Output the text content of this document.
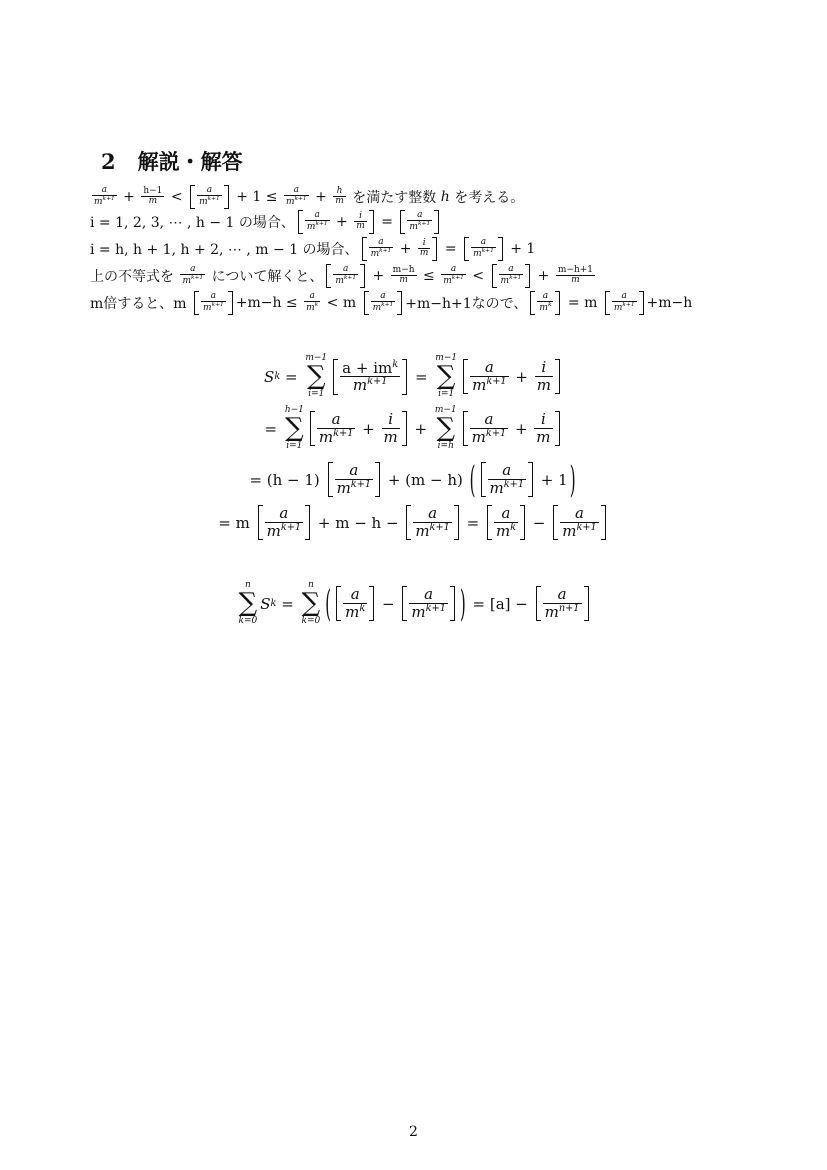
2 解説・解答
$\frac{a}{m^{k+1}} + \frac{h-1}{m} < \frac{a}{m^{k+1}} + 1 \le \frac{a}{m^{k+1}} + \frac{h}{m}$ を満たす整数 h を考える。
i = 1, 2, 3, ⋯ , h − 1 の場合、 $\frac{a}{m^{k+1}} + \frac{i}{m} = \frac{a}{m^{k+1}}$
i = h, h + 1, h + 2, ⋯ , m − 1 の場合、 $\frac{a}{m^{k+1}} + \frac{i}{m} = \frac{a}{m^{k+1}} + 1$
上の不等式を $\frac{a}{m^{k+1}}$ について解くと、 $\frac{a}{m^{k+1}} + \frac{m-h}{m} \le \frac{a}{m^{k+1}} < \frac{a}{m^{k+1}} + \frac{m-h+1}{m}$
m倍すると、m $\frac{a}{m^{k+1}} +m-h \le \frac{a}{m^k} < m \frac{a}{m^{k+1}} +m-h+1$なので、 $\frac{a}{m^k} = m \frac{a}{m^{k+1}} +m-h$
S k =
m−1
∑
i=1
$\frac{a + im^k}{m^{k+1}}$ =
m−1
∑
i=1
$\frac{a}{m^{k+1}} + \frac{i}{m}$
=
h−1
∑
i=1
$\frac{a}{m^{k+1}} + \frac{i}{m}$ +
m−1
∑
i=h
$\frac{a}{m^{k+1}} + \frac{i}{m}$
= $(h - 1) \frac{a}{m^{k+1}} + (m - h)$ ( $\frac{a}{m^{k+1}} + 1$ )
= m $\frac{a}{m^{k+1}} + m - h - \frac{a}{m^{k+1}} = \frac{a}{m^k} - \frac{a}{m^{k+1}}$
n
∑
k=0
S k =
n
∑
k=0 ( $\frac{a}{m^k} - \frac{a}{m^{k+1}}$ ) = $[a] - \frac{a}{m^{n+1}}$
2
